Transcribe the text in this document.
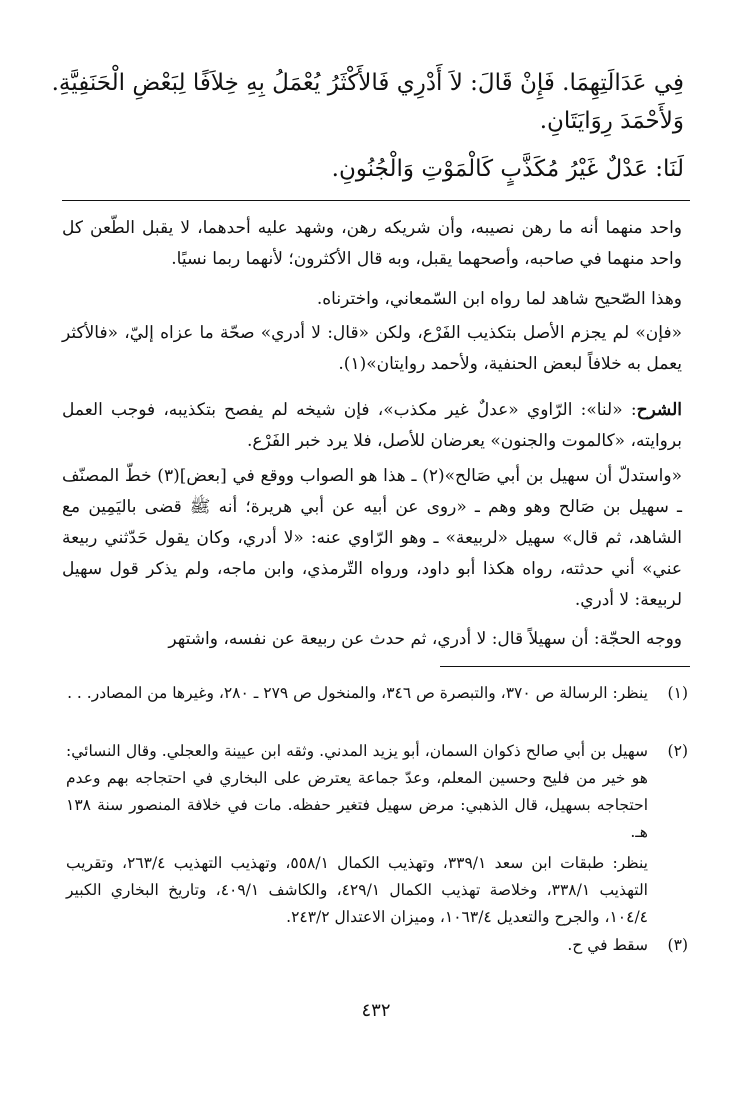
فِي عَدَالَتِهِمَا. فَإِنْ قَالَ: لاَ أَدْرِي فَالأَكْثَرُ يُعْمَلُ بِهِ خِلاَفًا لِبَعْضِ الْحَنَفِيَّةِ.
وَلأَحْمَدَ رِوَايَتَانِ.
لَنَا: عَدْلٌ غَيْرُ مُكَذَّبٍ كَالْمَوْتِ وَالْجُنُونِ.
واحد منهما أنه ما رهن نصيبه، وأن شريكه رهن، وشهد عليه أحدهما، لا يقبل الطّعن كل واحد منهما في صاحبه، وأصحهما يقبل، وبه قال الأكثرون؛ لأنهما ربما نسيًا.
وهذا الصّحيح شاهد لما رواه ابن السّمعاني، واخترناه.
«فإن» لم يجزم الأصل بتكذيب الفَرْع، ولكن «قال: لا أدري» صحّة ما عزاه إليّ، «فالأكثر يعمل به خلافاً لبعض الحنفية، ولأحمد روايتان»(١).
الشرح: «لنا»: الرّاوي «عدلٌ غير مكذب»، فإن شيخه لم يفصح بتكذيبه، فوجب العمل بروايته، «كالموت والجنون» يعرضان للأصل، فلا يرد خبر الفَرْع.
«واستدلّ أن سهيل بن أبي صَالح»(٢) ـ هذا هو الصواب ووقع في [بعض](٣) خطّ المصنّف ـ سهيل بن صَالح وهو وهم ـ «روى عن أبيه عن أبي هريرة؛ أنه ﷺ قضى باليَمِين مع الشاهد، ثم قال» سهيل «لربيعة» ـ وهو الرّاوي عنه: «لا أدري، وكان يقول حَدّثني ربيعة عني» أني حدثته، رواه هكذا أبو داود، ورواه التّرمذي، وابن ماجه، ولم يذكر قول سهيل لربيعة: لا أدري.
ووجه الحجّة: أن سهيلاً قال: لا أدري، ثم حدث عن ربيعة عن نفسه، واشتهر
(١)
ينظر: الرسالة ص ٣٧٠، والتبصرة ص ٣٤٦، والمنخول ص ٢٧٩ ـ ٢٨٠، وغيرها من المصادر. . .
(٢)
سهيل بن أبي صالح ذكوان السمان، أبو يزيد المدني. وثقه ابن عيينة والعجلي. وقال النسائي: هو خير من فليح وحسين المعلم، وعدّ جماعة يعترض على البخاري في احتجاجه بهم وعدم احتجاجه بسهيل، قال الذهبي: مرض سهيل فتغير حفظه. مات في خلافة المنصور سنة ١٣٨ هـ.
ينظر: طبقات ابن سعد ٣٣٩/١، وتهذيب الكمال ٥٥٨/١، وتهذيب التهذيب ٢٦٣/٤، وتقريب التهذيب ٣٣٨/١، وخلاصة تهذيب الكمال ٤٢٩/١، والكاشف ٤٠٩/١، وتاريخ البخاري الكبير ١٠٤/٤، والجرح والتعديل ١٠٦٣/٤، وميزان الاعتدال ٢٤٣/٢.
(٣)
سقط في ح.
٤٣٢
